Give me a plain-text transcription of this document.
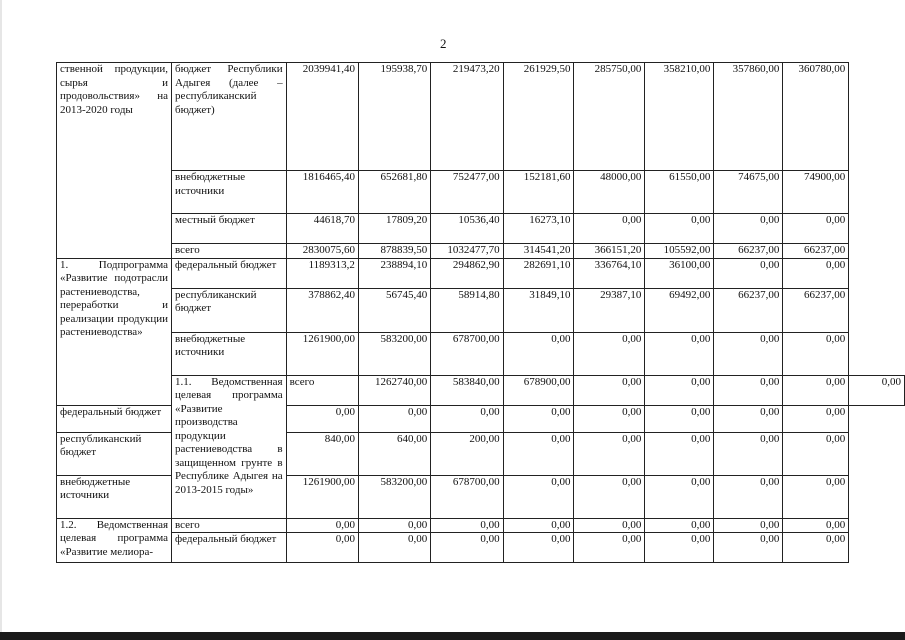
2
ственной продукции, сырья и продовольствия» на 2013-2020 годы	бюджет Республики Адыгея (далее – республиканский бюджет)	2039941,40	195938,70	219473,20	261929,50	285750,00	358210,00	357860,00	360780,00	
	внебюджетные источники	1816465,40	652681,80	752477,00	152181,60	48000,00	61550,00	74675,00	74900,00	
	местный бюджет	44618,70	17809,20	10536,40	16273,10	0,00	0,00	0,00	0,00	
	всего	2830075,60	878839,50	1032477,70	314541,20	366151,20	105592,00	66237,00	66237,00	
1. Подпрограмма «Развитие подотрасли растениеводства, переработки и реализации продукции растениеводства»	федеральный бюджет	1189313,2	238894,10	294862,90	282691,10	336764,10	36100,00	0,00	0,00	
	республиканский бюджет	378862,40	56745,40	58914,80	31849,10	29387,10	69492,00	66237,00	66237,00	
	внебюджетные источники	1261900,00	583200,00	678700,00	0,00	0,00	0,00	0,00	0,00	
	1.1. Ведомственная целевая программа «Развитие производства продукции растениеводства в защищенном грунте в Республике Адыгея на 2013-2015 годы»	всего	1262740,00	583840,00	678900,00	0,00	0,00	0,00	0,00	0,00
федеральный бюджет		0,00	0,00	0,00	0,00	0,00	0,00	0,00	0,00	
республиканский бюджет		840,00	640,00	200,00	0,00	0,00	0,00	0,00	0,00	
внебюджетные источники		1261900,00	583200,00	678700,00	0,00	0,00	0,00	0,00	0,00	
1.2. Ведомственная целевая программа «Развитие мелиора-	всего	0,00	0,00	0,00	0,00	0,00	0,00	0,00	0,00	
	федеральный бюджет	0,00	0,00	0,00	0,00	0,00	0,00	0,00	0,00	
